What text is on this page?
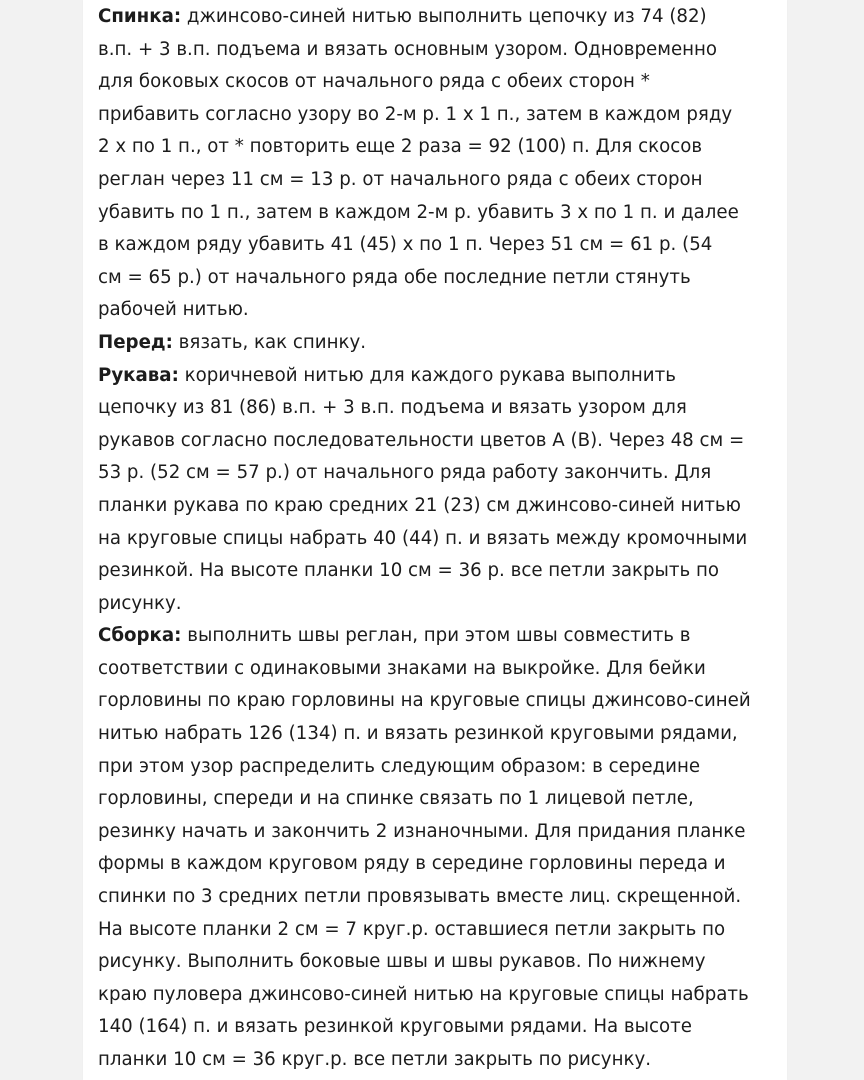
Спинка: джинсово-синей нитью выполнить цепочку из 74 (82)
в.п. + 3 в.п. подъема и вязать основным узором. Одновременно
для боковых скосов от начального ряда с обеих сторон *
прибавить согласно узору во 2-м р. 1 х 1 п., затем в каждом ряду
2 х по 1 п., от * повторить еще 2 раза = 92 (100) п. Для скосов
реглан через 11 см = 13 р. от начального ряда с обеих сторон
убавить по 1 п., затем в каждом 2-м р. убавить 3 х по 1 п. и далее
в каждом ряду убавить 41 (45) х по 1 п. Через 51 см = 61 р. (54
см = 65 р.) от начального ряда обе последние петли стянуть
рабочей нитью.
Перед: вязать, как спинку.
Рукава: коричневой нитью для каждого рукава выполнить
цепочку из 81 (86) в.п. + 3 в.п. подъема и вязать узором для
рукавов согласно последовательности цветов А (В). Через 48 см =
53 р. (52 см = 57 р.) от начального ряда работу закончить. Для
планки рукава по краю средних 21 (23) см джинсово-синей нитью
на круговые спицы набрать 40 (44) п. и вязать между кромочными
резинкой. На высоте планки 10 см = 36 р. все петли закрыть по
рисунку.
Сборка: выполнить швы реглан, при этом швы совместить в
соответствии с одинаковыми знаками на выкройке. Для бейки
горловины по краю горловины на круговые спицы джинсово-синей
нитью набрать 126 (134) п. и вязать резинкой круговыми рядами,
при этом узор распределить следующим образом: в середине
горловины, спереди и на спинке связать по 1 лицевой петле,
резинку начать и закончить 2 изнаночными. Для придания планке
формы в каждом круговом ряду в середине горловины переда и
спинки по 3 средних петли провязывать вместе лиц. скрещенной.
На высоте планки 2 см = 7 круг.р. оставшиеся петли закрыть по
рисунку. Выполнить боковые швы и швы рукавов. По нижнему
краю пуловера джинсово-синей нитью на круговые спицы набрать
140 (164) п. и вязать резинкой круговыми рядами. На высоте
планки 10 см = 36 круг.р. все петли закрыть по рисунку.
